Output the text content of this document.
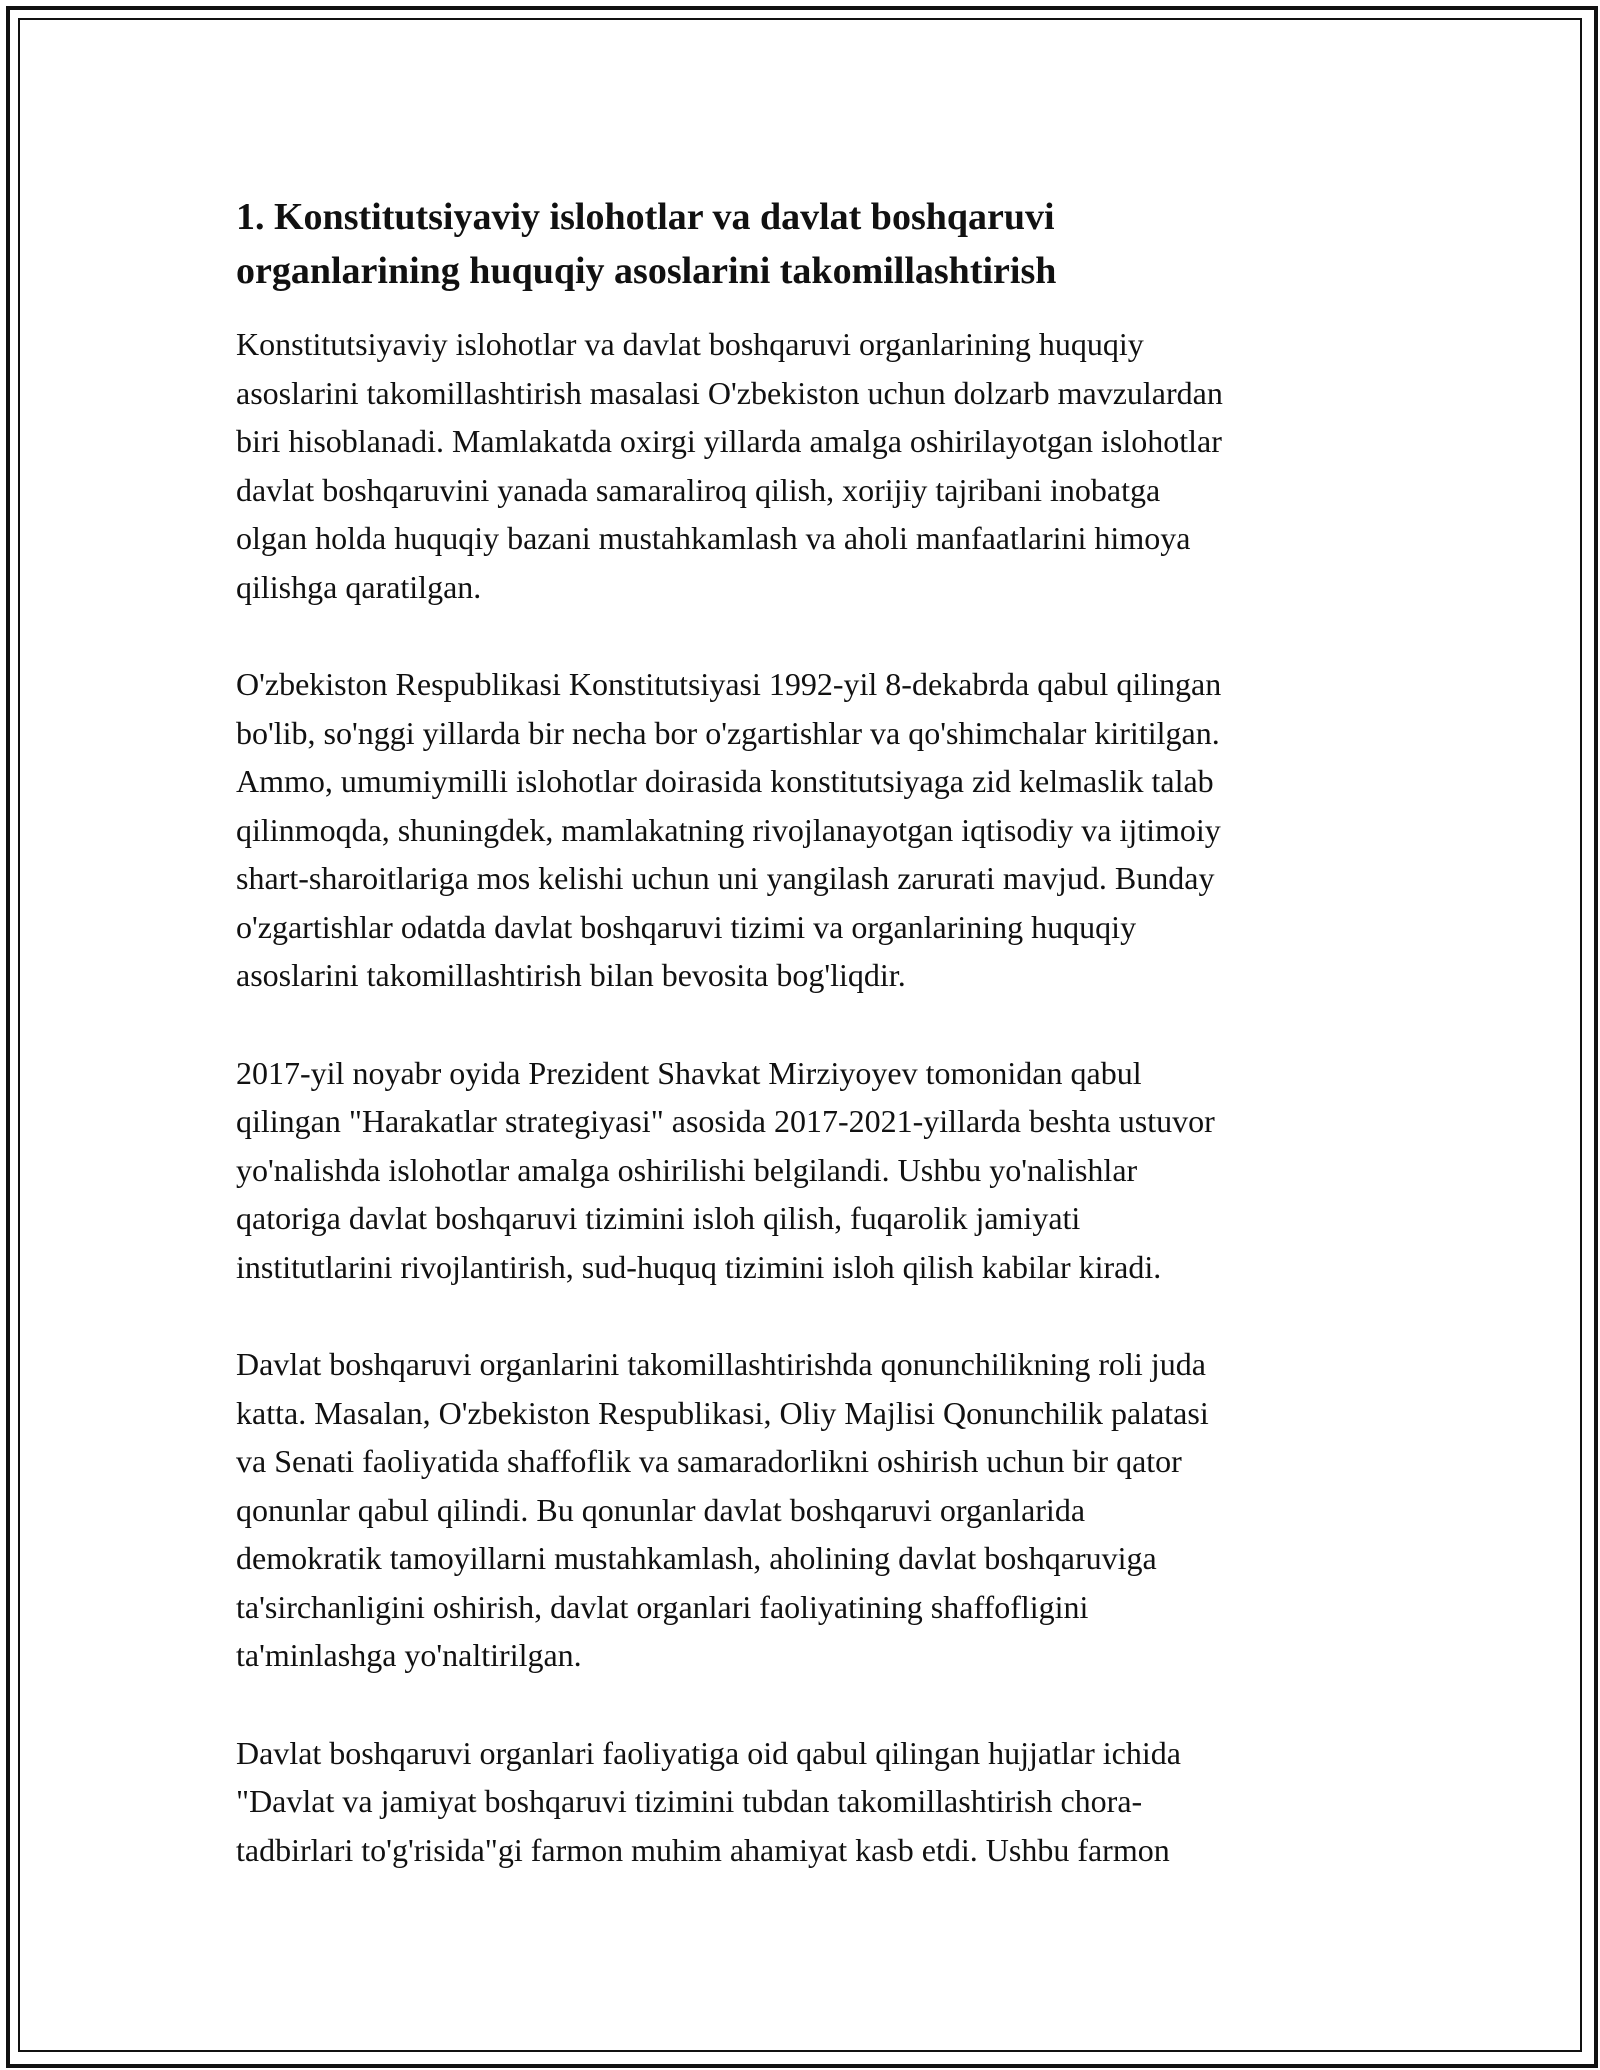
1. Konstitutsiyaviy islohotlar va davlat boshqaruvi
organlarining huquqiy asoslarini takomillashtirish

Konstitutsiyaviy islohotlar va davlat boshqaruvi organlarining huquqiy
asoslarini takomillashtirish masalasi O'zbekiston uchun dolzarb mavzulardan
biri hisoblanadi. Mamlakatda oxirgi yillarda amalga oshirilayotgan islohotlar
davlat boshqaruvini yanada samaraliroq qilish, xorijiy tajribani inobatga
olgan holda huquqiy bazani mustahkamlash va aholi manfaatlarini himoya
qilishga qaratilgan.

O'zbekiston Respublikasi Konstitutsiyasi 1992-yil 8-dekabrda qabul qilingan
bo'lib, so'nggi yillarda bir necha bor o'zgartishlar va qo'shimchalar kiritilgan.
Ammo, umumiymilli islohotlar doirasida konstitutsiyaga zid kelmaslik talab
qilinmoqda, shuningdek, mamlakatning rivojlanayotgan iqtisodiy va ijtimoiy
shart-sharoitlariga mos kelishi uchun uni yangilash zarurati mavjud. Bunday
o'zgartishlar odatda davlat boshqaruvi tizimi va organlarining huquqiy
asoslarini takomillashtirish bilan bevosita bog'liqdir.

2017-yil noyabr oyida Prezident Shavkat Mirziyoyev tomonidan qabul
qilingan "Harakatlar strategiyasi" asosida 2017-2021-yillarda beshta ustuvor
yo'nalishda islohotlar amalga oshirilishi belgilandi. Ushbu yo'nalishlar
qatoriga davlat boshqaruvi tizimini isloh qilish, fuqarolik jamiyati
institutlarini rivojlantirish, sud-huquq tizimini isloh qilish kabilar kiradi.

Davlat boshqaruvi organlarini takomillashtirishda qonunchilikning roli juda
katta. Masalan, O'zbekiston Respublikasi, Oliy Majlisi Qonunchilik palatasi
va Senati faoliyatida shaffoflik va samaradorlikni oshirish uchun bir qator
qonunlar qabul qilindi. Bu qonunlar davlat boshqaruvi organlarida
demokratik tamoyillarni mustahkamlash, aholining davlat boshqaruviga
ta'sirchanligini oshirish, davlat organlari faoliyatining shaffofligini
ta'minlashga yo'naltirilgan.

Davlat boshqaruvi organlari faoliyatiga oid qabul qilingan hujjatlar ichida
"Davlat va jamiyat boshqaruvi tizimini tubdan takomillashtirish chora-
tadbirlari to'g'risida"gi farmon muhim ahamiyat kasb etdi. Ushbu farmon
